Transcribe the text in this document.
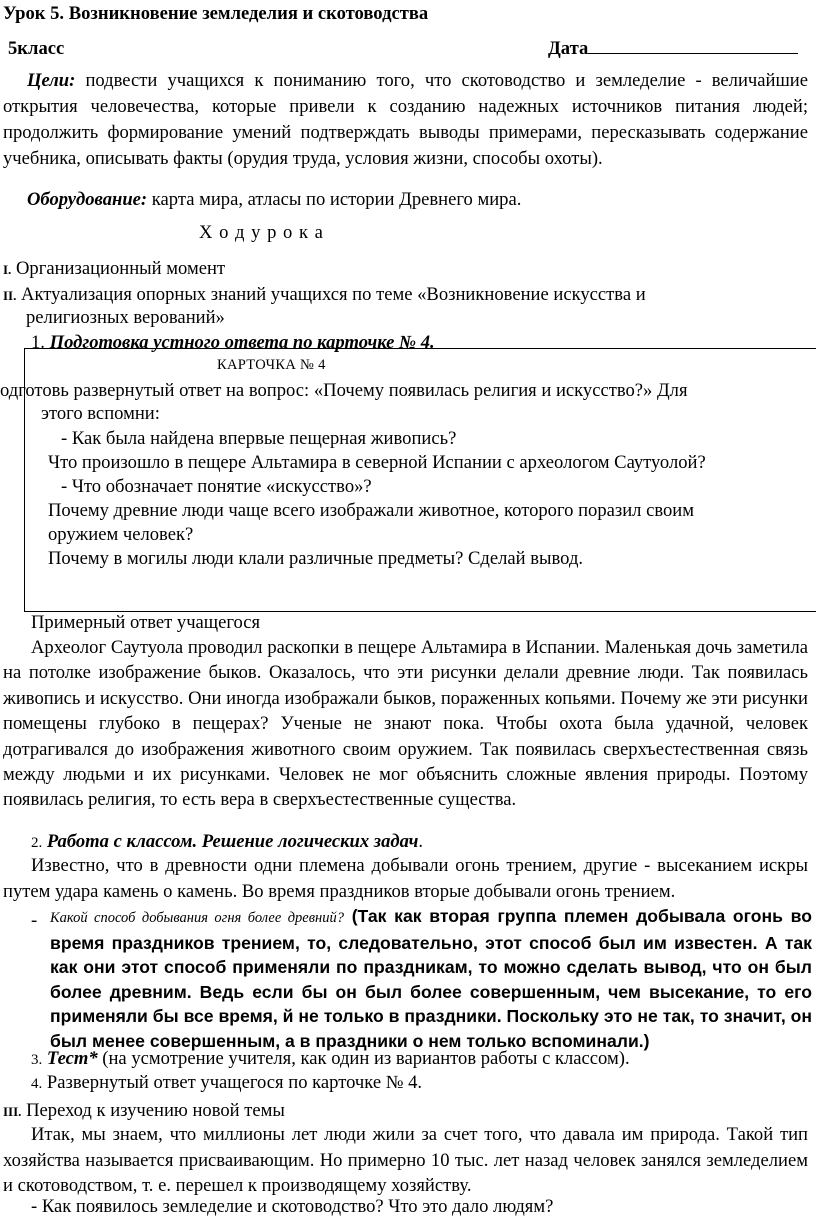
Урок 5. Возникновение земледелия и скотоводства
5класс	Дата
Цели: подвести учащихся к пониманию того, что скотоводство и земледелие - величайшие открытия человечества, которые привели к созданию надежных источников питания людей; продолжить формирование умений подтверждать выводы примерами, пересказывать содержание учебника, описывать факты (орудия труда, условия жизни, способы охоты).
Оборудование: карта мира, атласы по истории Древнего мира.
Х о д у р о к а
I. Организационный момент
II. Актуализация опорных знаний учащихся по теме «Возникновение искусства и
религиозных верований»
1. Подготовка устного ответа по карточке № 4.
КАРТОЧКА № 4
одготовь развернутый ответ на вопрос: «Почему появилась религия и искусство?» Для
этого вспомни:
- Как была найдена впервые пещерная живопись?
Что произошло в пещере Альтамира в северной Испании с археологом Саутуолой?
- Что обозначает понятие «искусство»?
Почему древние люди чаще всего изображали животное, которого поразил своим
оружием человек?
Почему в могилы люди клали различные предметы? Сделай вывод.
Примерный ответ учащегося
Археолог Саутуола проводил раскопки в пещере Альтамира в Испании. Маленькая дочь заметила на потолке изображение быков. Оказалось, что эти рисунки делали древние люди. Так появилась живопись и искусство. Они иногда изображали быков, пораженных копьями. Почему же эти рисунки помещены глубоко в пещерах? Ученые не знают пока. Чтобы охота была удачной, человек дотрагивался до изображения животного своим оружием. Так появилась сверхъестественная связь между людьми и их рисунками. Человек не мог объяснить сложные явления природы. Поэтому появилась религия, то есть вера в сверхъестественные существа.
2. Работа с классом. Решение логических задач.
Известно, что в древности одни племена добывали огонь трением, другие - высеканием искры путем удара камень о камень. Во время праздников вторые добывали огонь трением.
- Какой способ добывания огня более древний? (Так как вторая группа племен добывала огонь во время праздников трением, то, следовательно, этот способ был им известен. А так как они этот способ применяли по праздникам, то можно сделать вывод, что он был более древним. Ведь если бы он был более совершенным, чем высекание, то его применяли бы все время, й не только в праздники. Поскольку это не так, то значит, он был менее совершенным, а в праздники о нем только вспоминали.)
3. Тест* (на усмотрение учителя, как один из вариантов работы с классом).
4. Развернутый ответ учащегося по карточке № 4.
III. Переход к изучению новой темы
Итак, мы знаем, что миллионы лет люди жили за счет того, что давала им природа. Такой тип хозяйства называется присваивающим. Но примерно 10 тыс. лет назад человек занялся земледелием и скотоводством, т. е. перешел к производящему хозяйству.
- Как появилось земледелие и скотоводство? Что это дало людям?
